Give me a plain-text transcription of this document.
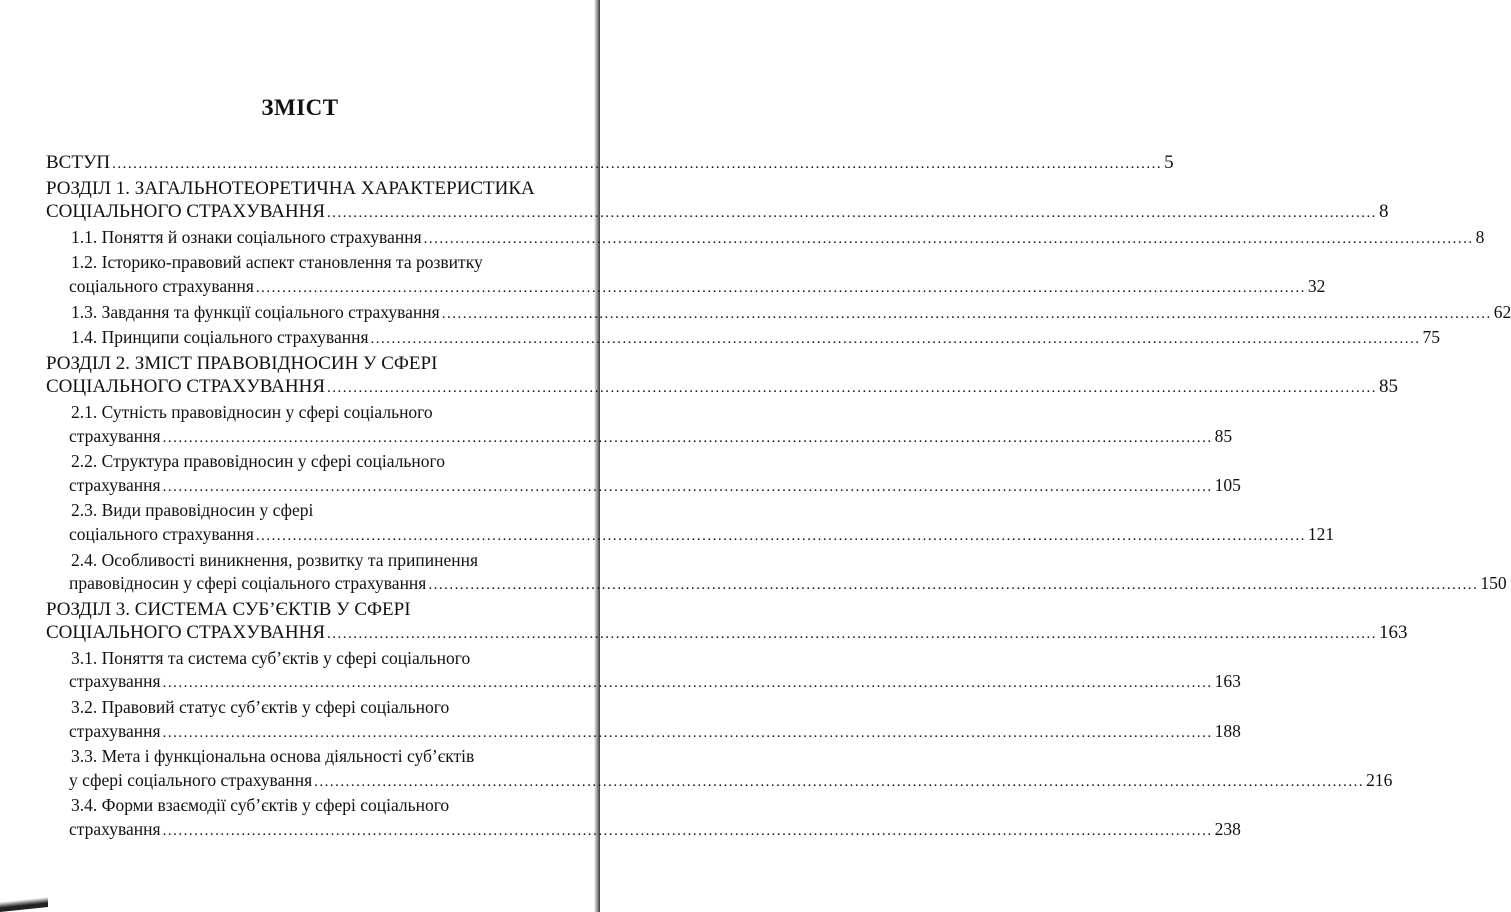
ЗМІСТ
ВСТУП .....	5
РОЗДІЛ 1. ЗАГАЛЬНОТЕОРЕТИЧНА ХАРАКТЕРИСТИКА
СОЦІАЛЬНОГО СТРАХУВАННЯ .....	8
1.1. Поняття й ознаки соціального страхування .....	8
1.2. Історико-правовий аспект становлення та розвитку
соціального страхування .....	32
1.3. Завдання та функції соціального страхування .....	62
1.4. Принципи соціального страхування .....	75
РОЗДІЛ 2. ЗМІСТ ПРАВОВІДНОСИН У СФЕРІ
СОЦІАЛЬНОГО СТРАХУВАННЯ .....	85
2.1. Сутність правовідносин у сфері соціального
страхування .....	85
2.2. Структура правовідносин у сфері соціального
страхування .....	105
2.3. Види правовідносин у сфері
соціального страхування .....	121
2.4. Особливості виникнення, розвитку та припинення
правовідносин у сфері соціального страхування .....	150
РОЗДІЛ 3. СИСТЕМА СУБ’ЄКТІВ У СФЕРІ
СОЦІАЛЬНОГО СТРАХУВАННЯ .....	163
3.1. Поняття та система суб’єктів у сфері соціального
страхування .....	163
3.2. Правовий статус суб’єктів у сфері соціального
страхування .....	188
3.3. Мета і функціональна основа діяльності суб’єктів
у сфері соціального страхування .....	216
3.4. Форми взаємодії суб’єктів у сфері соціального
страхування .....	238
